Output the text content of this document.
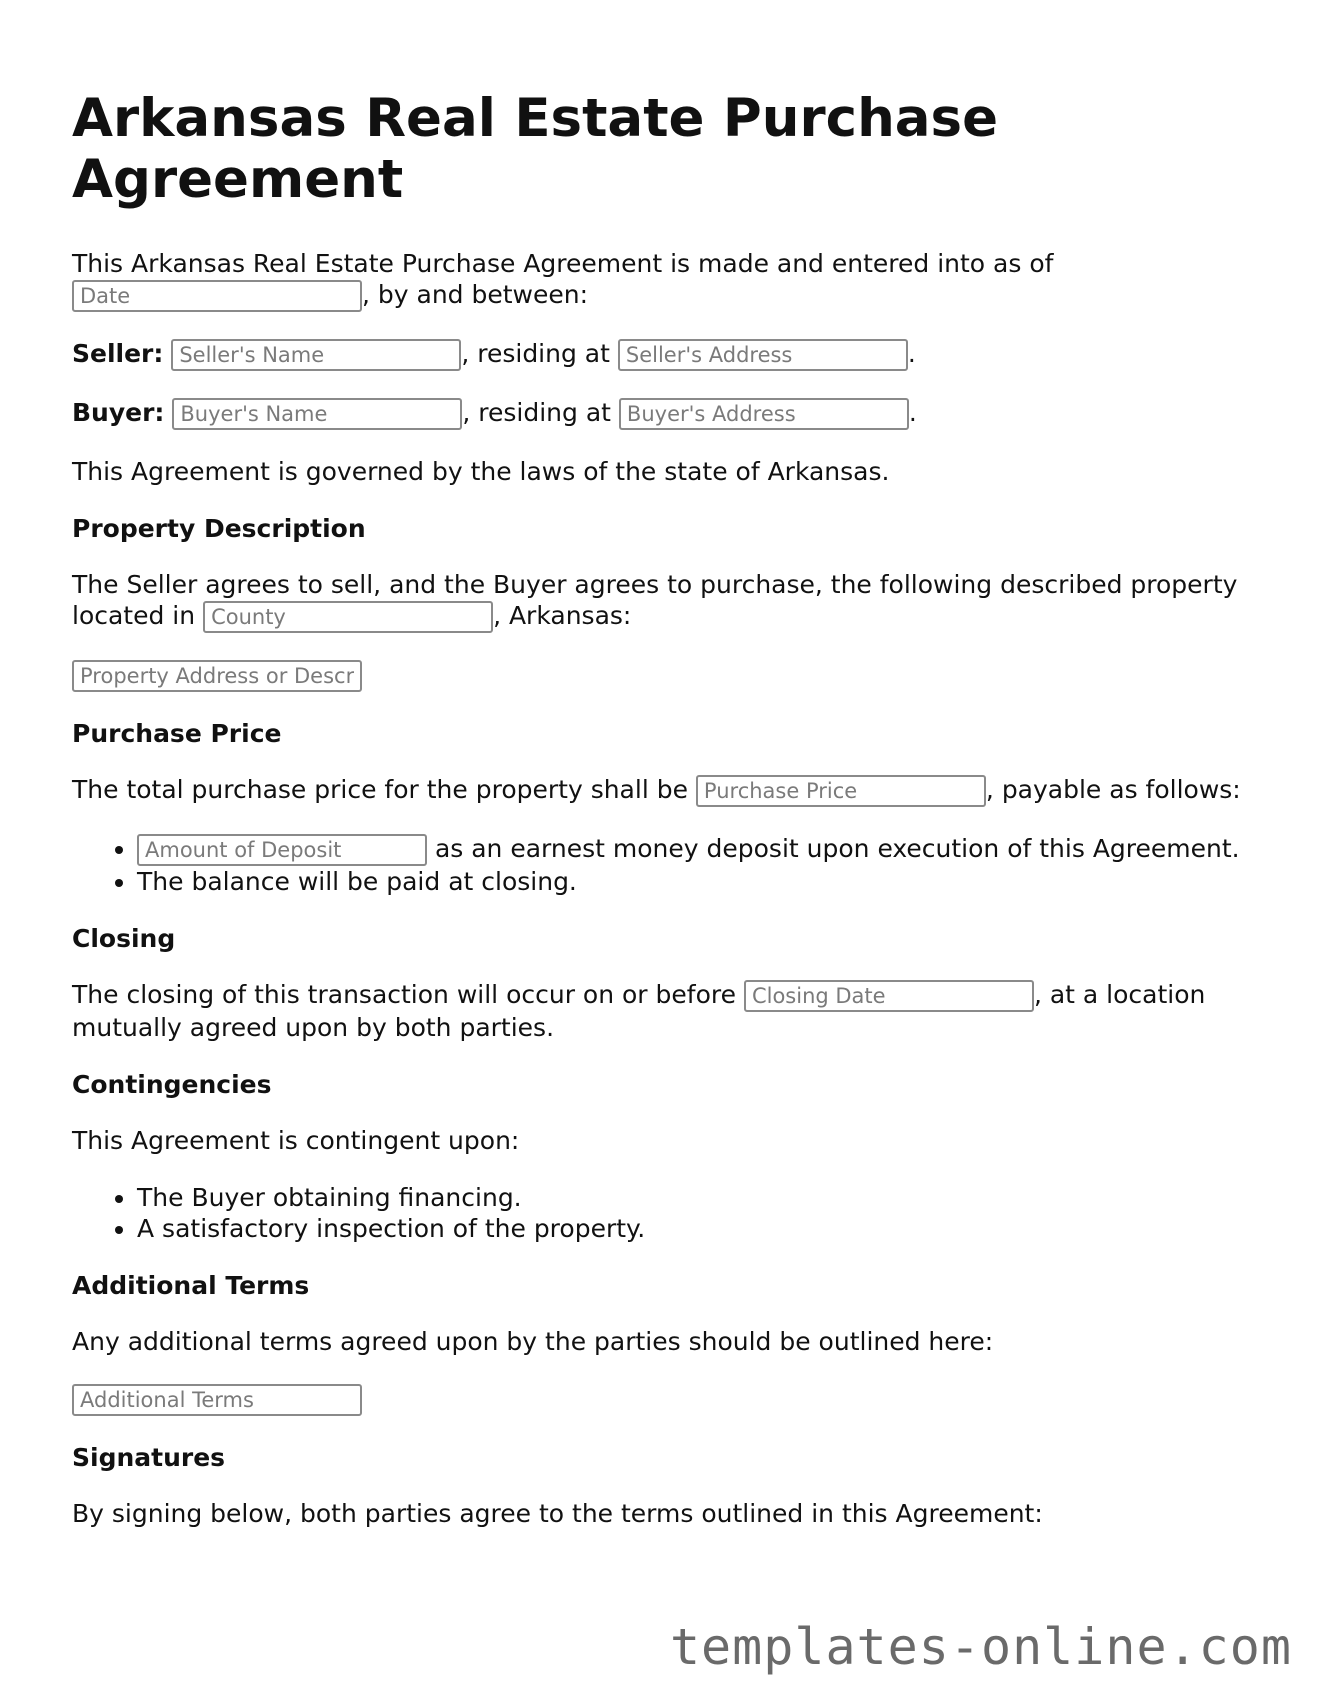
Arkansas Real Estate Purchase Agreement

This Arkansas Real Estate Purchase Agreement is made and entered into as of
Date, by and between:

Seller: Seller's Name	, residing at Seller's Address	.

Buyer: Buyer's Name	, residing at Buyer's Address	.

This Agreement is governed by the laws of the state of Arkansas.

Property Description

The Seller agrees to sell, and the Buyer agrees to purchase, the following described property located in County	, Arkansas:

Property Address or Description

Purchase Price

The total purchase price for the property shall be Purchase Price	, payable as follows:

Amount of Deposit • as an earnest money deposit upon execution of this Agreement.
• The balance will be paid at closing.
Closing

The closing of this transaction will occur on or before Closing Date	, at a location mutually agreed upon by both parties.

Contingencies

This Agreement is contingent upon:

• The Buyer obtaining financing.
• A satisfactory inspection of the property.
Additional Terms

Any additional terms agreed upon by the parties should be outlined here:

Additional Terms

Signatures

By signing below, both parties agree to the terms outlined in this Agreement:

templates-online.com
